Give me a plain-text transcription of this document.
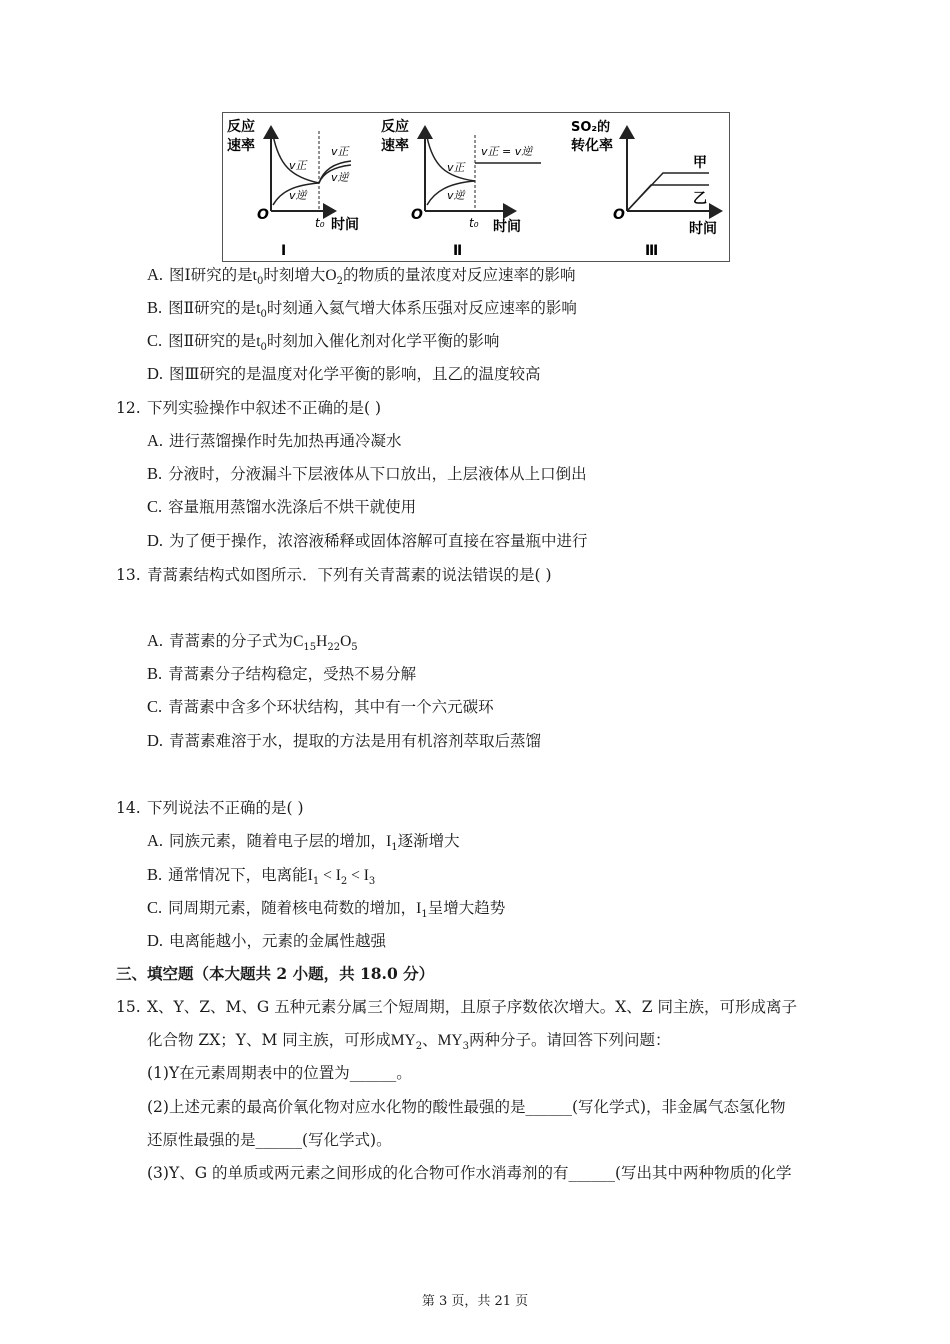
反应
速率
v正
v逆
v正
v逆
O	t₀ 时间
Ⅰ
反应
速率
v正
v逆
v正 = v逆
O	t₀ 时间
Ⅱ
SO₂的
转化率
甲
乙
O
时间
Ⅲ
A. 图Ⅰ研究的是$t_0$时刻增大$O_2$的物质的量浓度对反应速率的影响
B. 图Ⅱ研究的是$t_0$时刻通入氦气增大体系压强对反应速率的影响
C. 图Ⅱ研究的是$t_0$时刻加入催化剂对化学平衡的影响
D. 图Ⅲ研究的是温度对化学平衡的影响，且乙的温度较高
12. 下列实验操作中叙述不正确的是( )
A. 进行蒸馏操作时先加热再通冷凝水
B. 分液时，分液漏斗下层液体从下口放出，上层液体从上口倒出
C. 容量瓶用蒸馏水洗涤后不烘干就使用
D. 为了便于操作，浓溶液稀释或固体溶解可直接在容量瓶中进行
13. 青蒿素结构式如图所示．下列有关青蒿素的说法错误的是( )
A. 青蒿素的分子式为$C_{15}H_{22}O_5$
B. 青蒿素分子结构稳定，受热不易分解
C. 青蒿素中含多个环状结构，其中有一个六元碳环
D. 青蒿素难溶于水，提取的方法是用有机溶剂萃取后蒸馏
14. 下列说法不正确的是( )
A. 同族元素，随着电子层的增加，$I_1$逐渐增大
B. 通常情况下，电离能$I_1 < I_2 < I_3$
C. 同周期元素，随着核电荷数的增加，$I_1$呈增大趋势
D. 电离能越小，元素的金属性越强
三、填空题（本大题共 2 小题，共 18.0 分）
15. X、Y、Z、M、G 五种元素分属三个短周期，且原子序数依次增大。X、Z 同主族，可形成离子
化合物 ZX；Y、M 同主族，可形成$MY_2$、$MY_3$两种分子。请回答下列问题：
(1)Y在元素周期表中的位置为______。
(2)上述元素的最高价氧化物对应水化物的酸性最强的是______(写化学式)，非金属气态氢化物
还原性最强的是______(写化学式)。
(3)Y、G 的单质或两元素之间形成的化合物可作水消毒剂的有______(写出其中两种物质的化学
第 3 页，共 21 页
